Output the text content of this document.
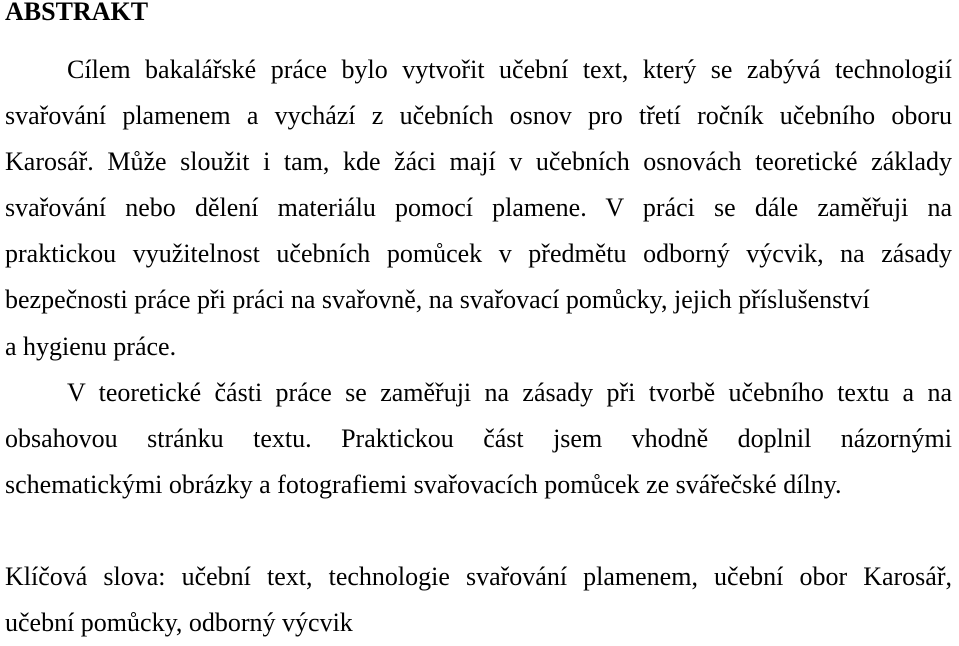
ABSTRAKT
Cílem bakalářské práce bylo vytvořit učební text, který se zabývá technologií
svařování plamenem a vychází z učebních osnov pro třetí ročník učebního oboru
Karosář. Může sloužit i tam, kde žáci mají v učebních osnovách teoretické základy
svařování nebo dělení materiálu pomocí plamene. V práci se dále zaměřuji na
praktickou využitelnost učebních pomůcek v předmětu odborný výcvik, na zásady
bezpečnosti práce při práci na svařovně, na svařovací pomůcky, jejich příslušenství
a hygienu práce.
V teoretické části práce se zaměřuji na zásady při tvorbě učebního textu a na
obsahovou stránku textu. Praktickou část jsem vhodně doplnil názornými
schematickými obrázky a fotografiemi svařovacích pomůcek ze svářečské dílny.
Klíčová slova: učební text, technologie svařování plamenem, učební obor Karosář,
učební pomůcky, odborný výcvik
